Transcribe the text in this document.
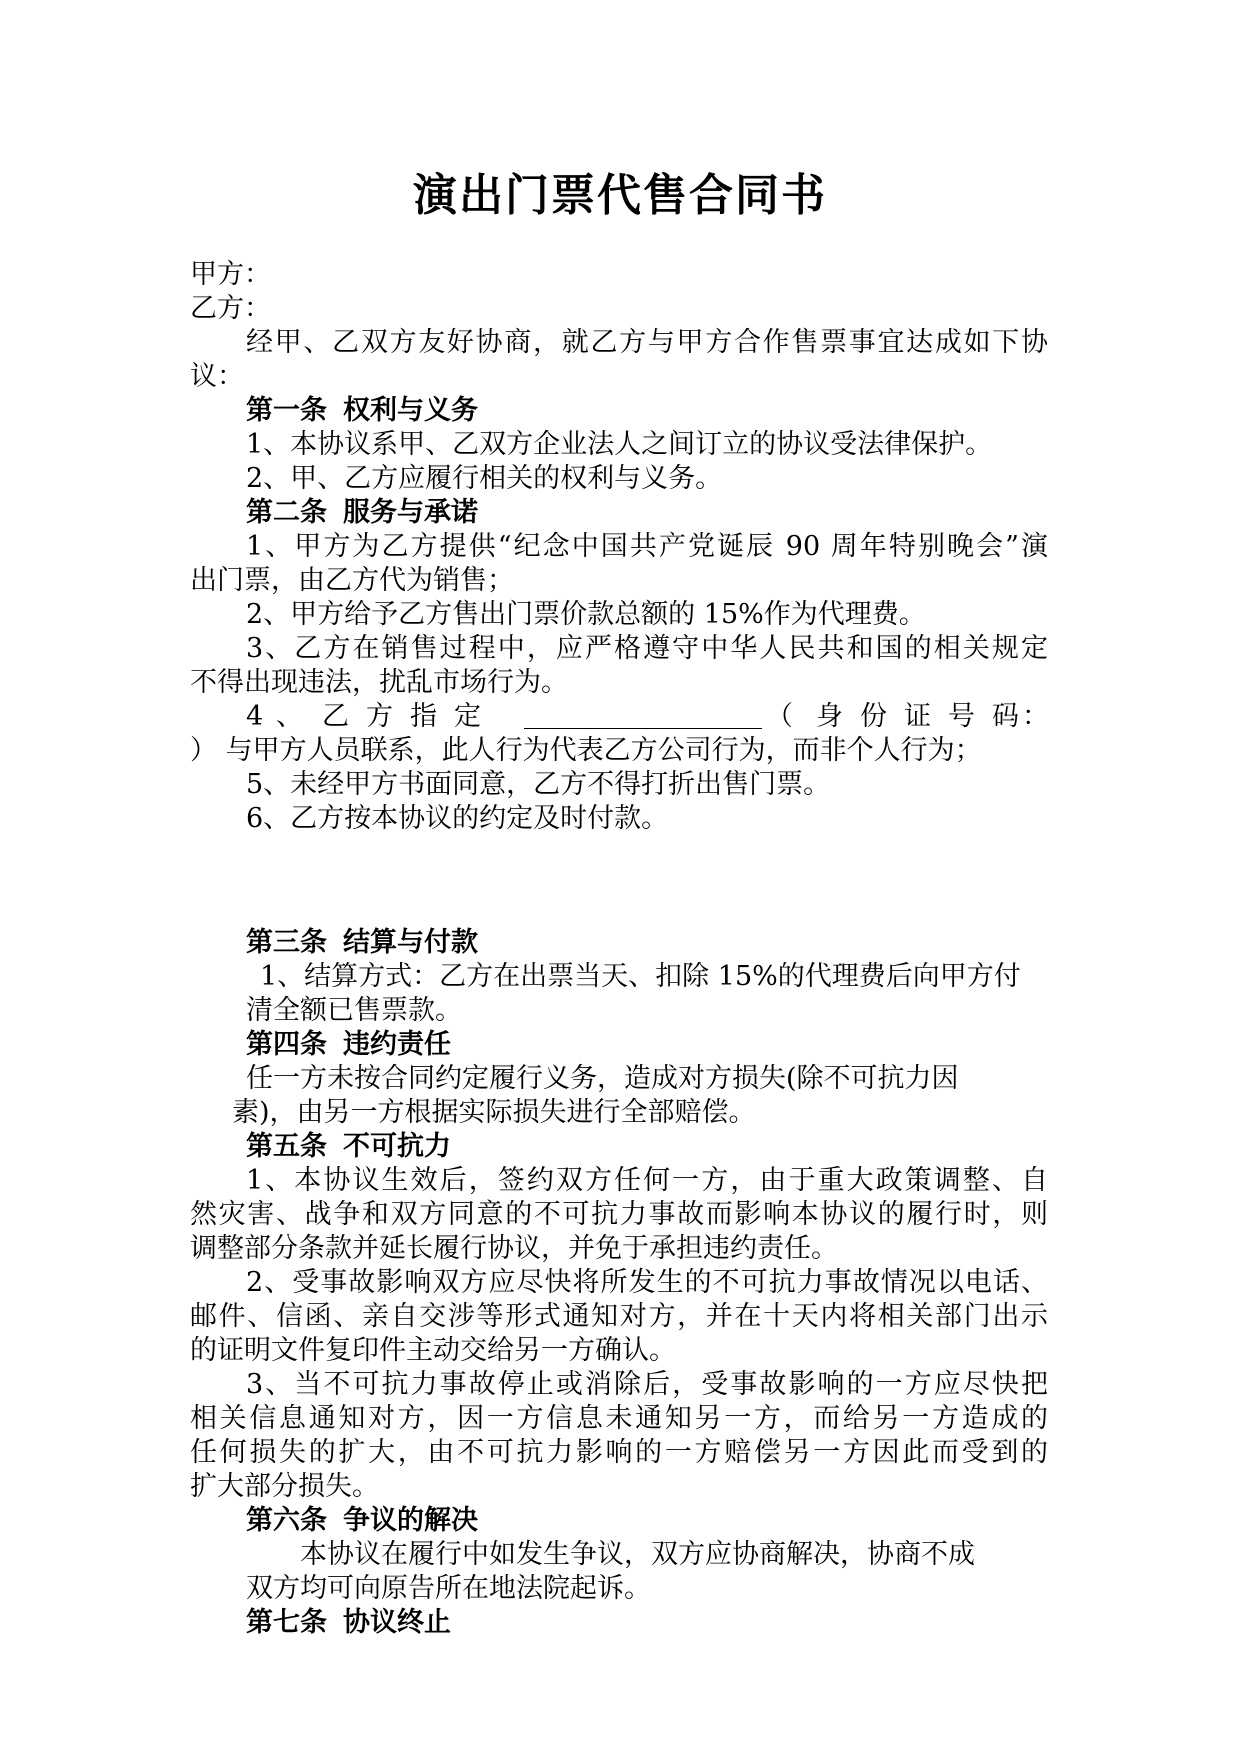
演出门票代售合同书
甲方：
乙方：
经甲、乙双方友好协商，就乙方与甲方合作售票事宜达成如下协
议：
第一条 权利与义务
1、本协议系甲、乙双方企业法人之间订立的协议受法律保护。
2、甲、乙方应履行相关的权利与义务。
第二条 服务与承诺
1、甲方为乙方提供“纪念中国共产党诞辰 90 周年特别晚会”演
出门票，由乙方代为销售；
2、甲方给予乙方售出门票价款总额的 15%作为代理费。
3、乙方在销售过程中，应严格遵守中华人民共和国的相关规定
不得出现违法，扰乱市场行为。
4 、 乙 方 指 定	（ 身 份 证 号 码 ：
） 与甲方人员联系，此人行为代表乙方公司行为，而非个人行为；
5、未经甲方书面同意，乙方不得打折出售门票。
6、乙方按本协议的约定及时付款。
第三条 结算与付款
1、结算方式：乙方在出票当天、扣除 15%的代理费后向甲方付
清全额已售票款。
第四条 违约责任
任一方未按合同约定履行义务，造成对方损失(除不可抗力因
素)，由另一方根据实际损失进行全部赔偿。
第五条 不可抗力
1、本协议生效后，签约双方任何一方，由于重大政策调整、自
然灾害、战争和双方同意的不可抗力事故而影响本协议的履行时，则
调整部分条款并延长履行协议，并免于承担违约责任。
2、受事故影响双方应尽快将所发生的不可抗力事故情况以电话、
邮件、信函、亲自交涉等形式通知对方，并在十天内将相关部门出示
的证明文件复印件主动交给另一方确认。
3、当不可抗力事故停止或消除后，受事故影响的一方应尽快把
相关信息通知对方，因一方信息未通知另一方，而给另一方造成的
任何损失的扩大，由不可抗力影响的一方赔偿另一方因此而受到的
扩大部分损失。
第六条 争议的解决
本协议在履行中如发生争议，双方应协商解决，协商不成
双方均可向原告所在地法院起诉。
第七条 协议终止
